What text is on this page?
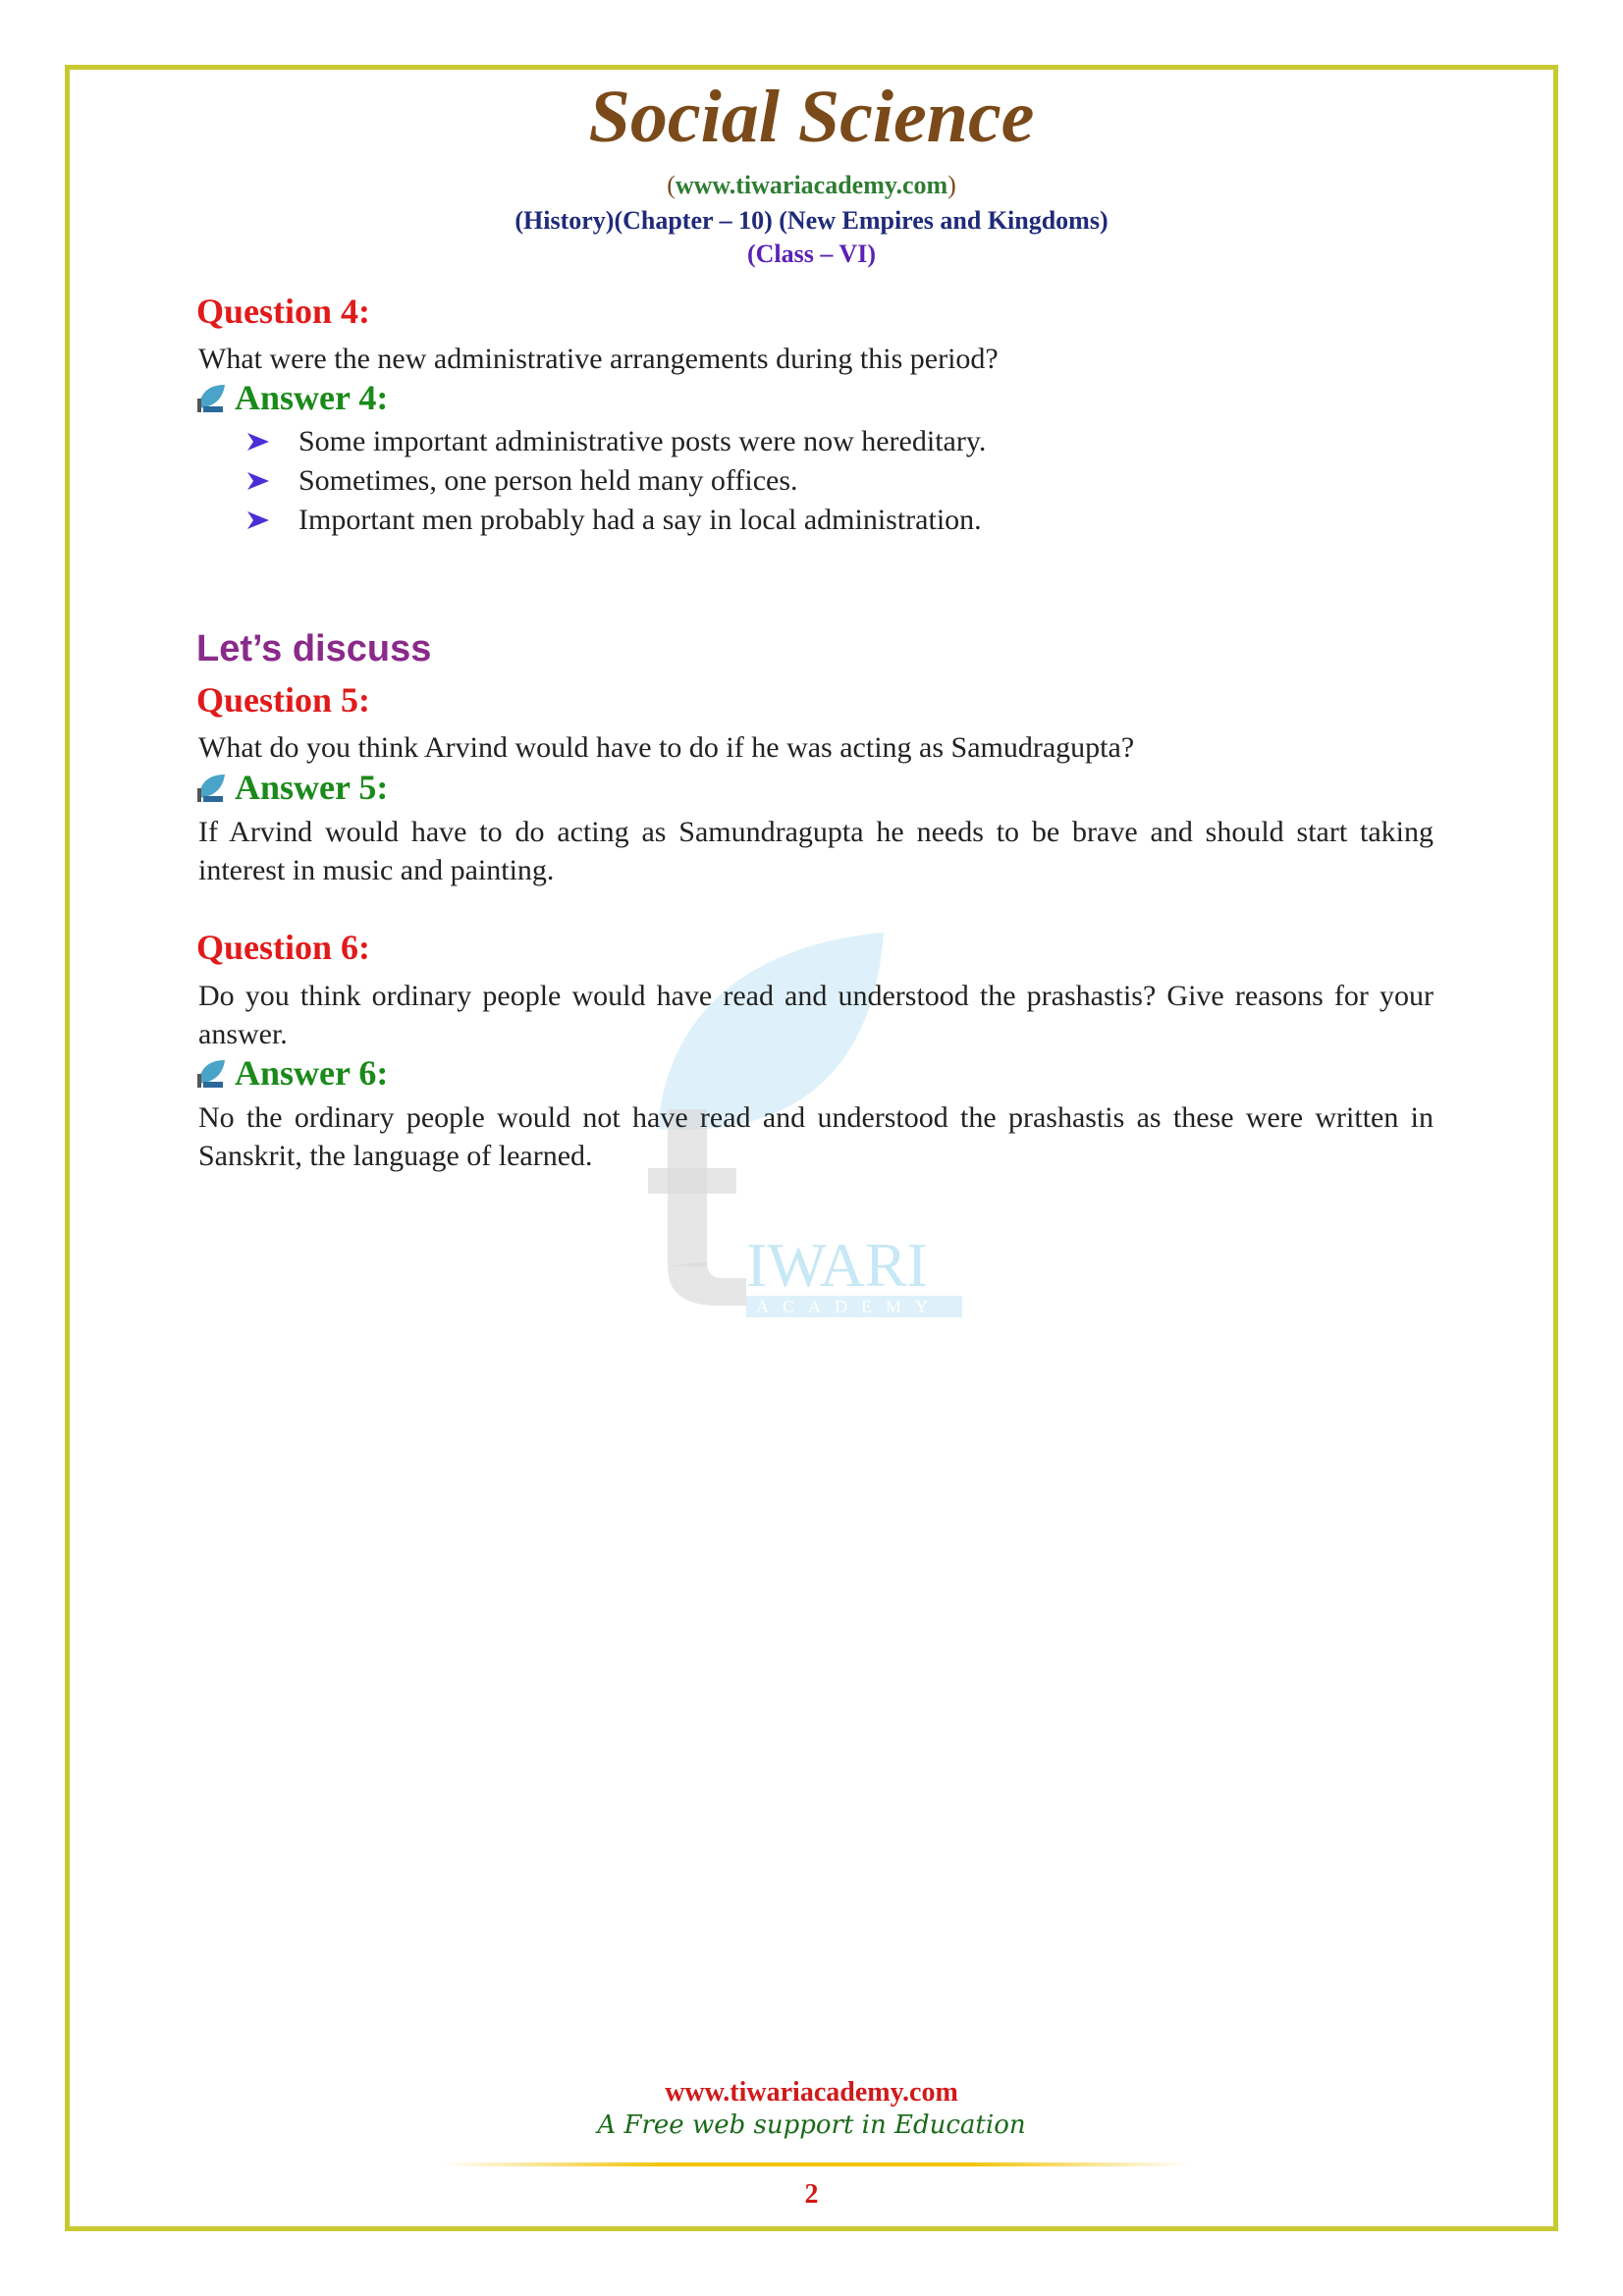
Social Science
(www.tiwariacademy.com)
(History)(Chapter – 10) (New Empires and Kingdoms)
(Class – VI)
Question 4:
What were the new administrative arrangements during this period?
Answer 4:
Some important administrative posts were now hereditary.
Sometimes, one person held many offices.
Important men probably had a say in local administration.
Let’s discuss
IWARI
ACADEMY
Question 5:
What do you think Arvind would have to do if he was acting as Samudragupta?
Answer 5:
If Arvind would have to do acting as Samundragupta he needs to be brave and should start taking interest in music and painting.
Question 6:
Do you think ordinary people would have read and understood the prashastis? Give reasons for your answer.
Answer 6:
No the ordinary people would not have read and understood the prashastis as these were written in Sanskrit, the language of learned.
www.tiwariacademy.com
A Free web support in Education
2
